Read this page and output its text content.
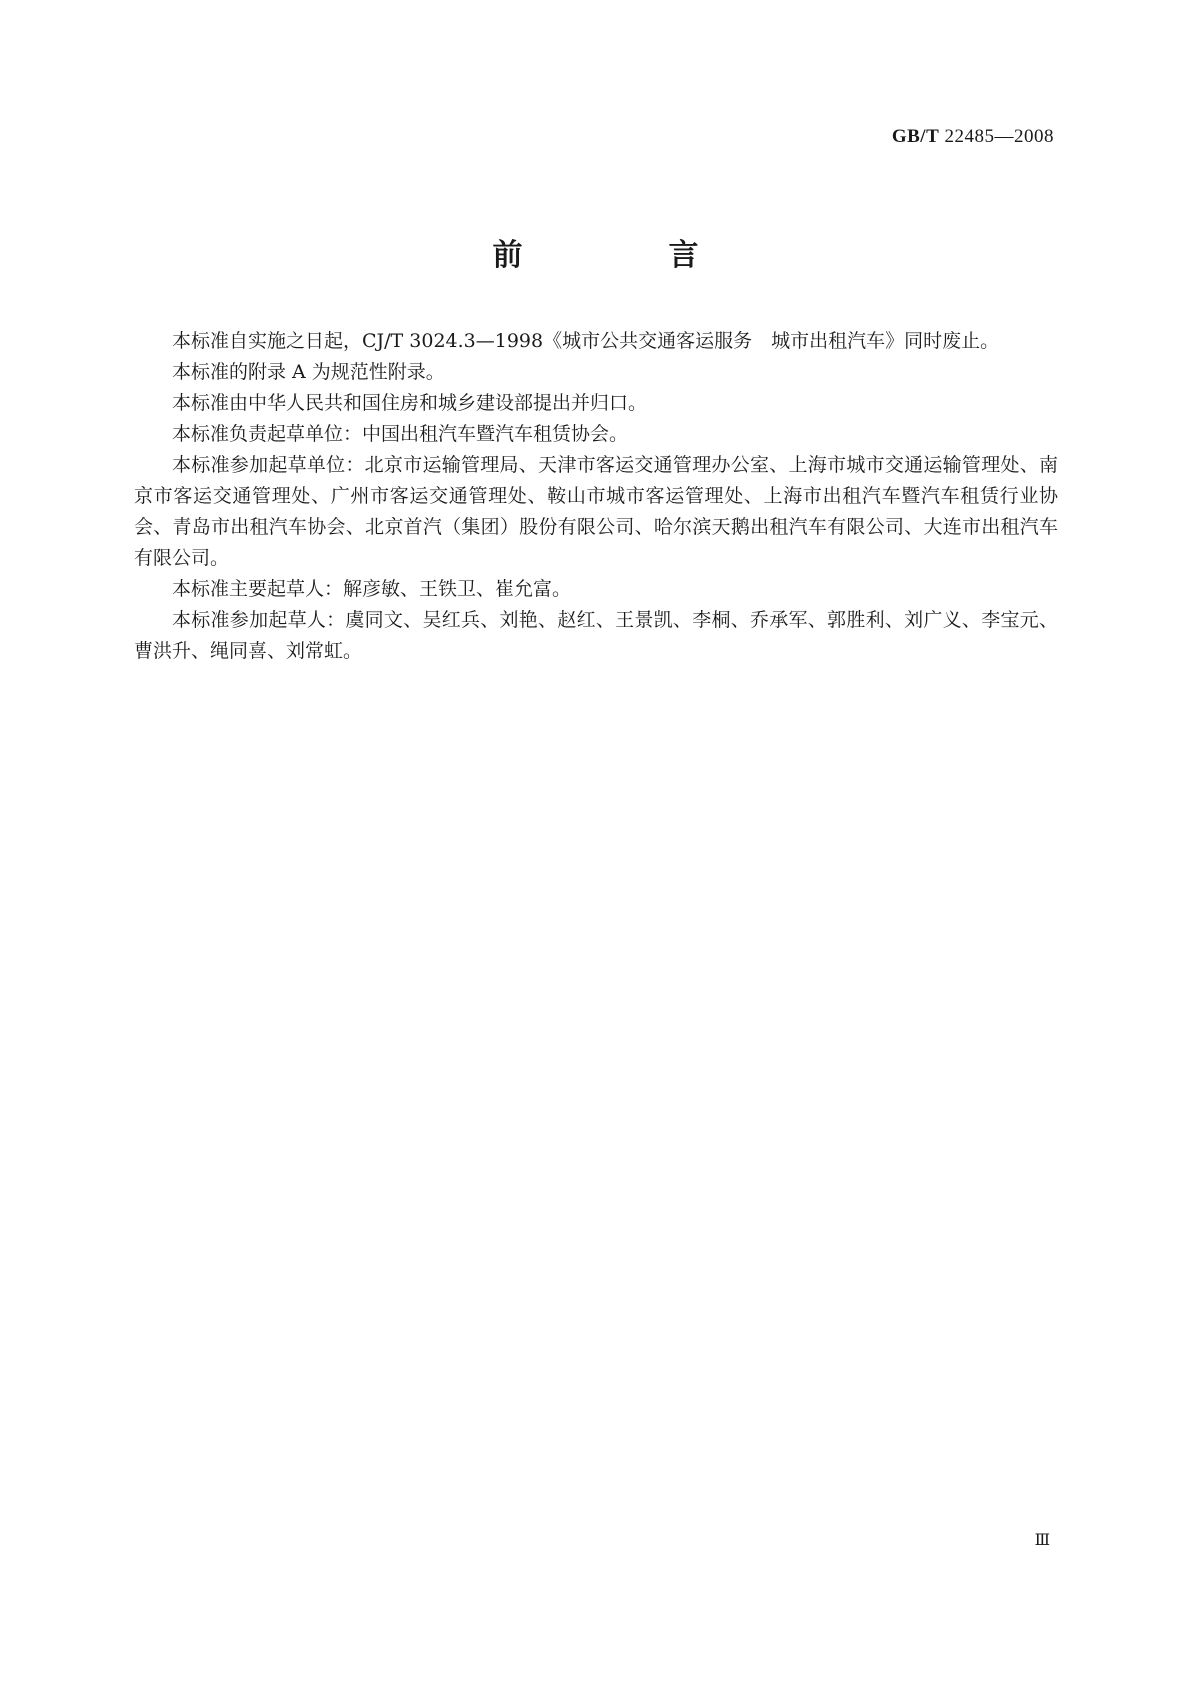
GB/T 22485—2008
前　言

本标准自实施之日起，CJ/T 3024.3—1998《城市公共交通客运服务　城市出租汽车》同时废止。

本标准的附录 A 为规范性附录。

本标准由中华人民共和国住房和城乡建设部提出并归口。

本标准负责起草单位：中国出租汽车暨汽车租赁协会。

本标准参加起草单位：北京市运输管理局、天津市客运交通管理办公室、上海市城市交通运输管理处、南京市客运交通管理处、广州市客运交通管理处、鞍山市城市客运管理处、上海市出租汽车暨汽车租赁行业协会、青岛市出租汽车协会、北京首汽（集团）股份有限公司、哈尔滨天鹅出租汽车有限公司、大连市出租汽车有限公司。

本标准主要起草人：解彦敏、王铁卫、崔允富。

本标准参加起草人：虞同文、吴红兵、刘艳、赵红、王景凯、李桐、乔承军、郭胜利、刘广义、李宝元、曹洪升、绳同喜、刘常虹。

Ⅲ
